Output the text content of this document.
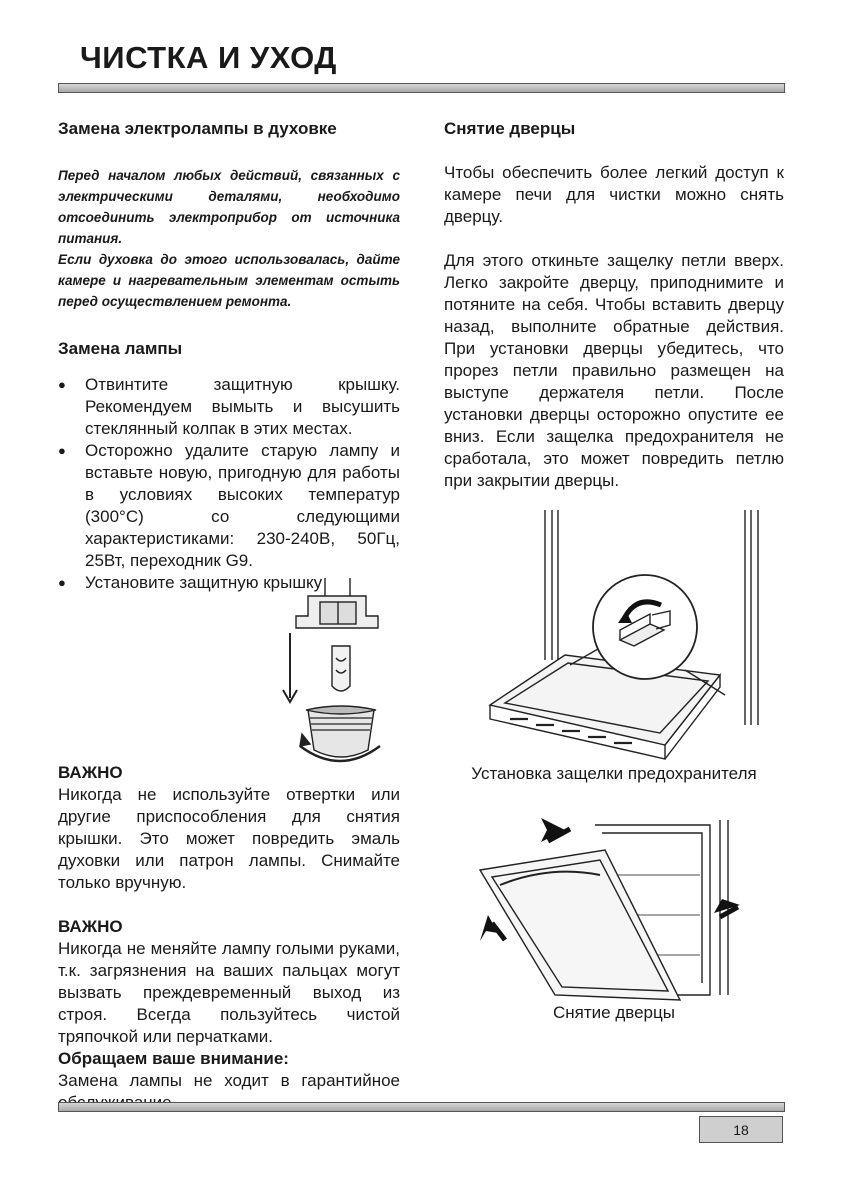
ЧИСТКА И УХОД
Замена электролампы в духовке

Перед началом любых действий, связанных с электрическими деталями, необходимо отсоединить электроприбор от источника питания.

Если духовка до этого использовалась, дайте камере и нагревательным элементам остыть перед осуществлением ремонта.

Замена лампы
● Отвинтите защитную крышку. Рекомендуем вымыть и высушить стеклянный колпак в этих местах.
● Осторожно удалите старую лампу и вставьте новую, пригодную для работы в условиях высоких температур (300°C) со следующими характеристиками: 230-240В, 50Гц, 25Вт, переходник G9.
● Установите защитную крышку
ВАЖНО

Никогда не используйте отвертки или другие приспособления для снятия крышки. Это может повредить эмаль духовки или патрон лампы. Снимайте только вручную.

ВАЖНО

Никогда не меняйте лампу голыми руками, т.к. загрязнения на ваших пальцах могут вызвать преждевременный выход из строя. Всегда пользуйтесь чистой тряпочкой или перчатками.

Обращаем ваше внимание:

Замена лампы не ходит в гарантийное

Снятие дверцы

Чтобы обеспечить более легкий доступ к камере печи для чистки можно снять дверцу.

Для этого откиньте защелку петли вверх. Легко закройте дверцу, приподнимите и потяните на себя. Чтобы вставить дверцу назад, выполните обратные действия. При установки дверцы убедитесь, что прорез петли правильно размещен на выступе держателя петли. После установки дверцы осторожно опустите ее вниз. Если защелка предохранителя не сработала, это может повредить петлю при закрытии дверцы.

Установка защелки предохранителя
Снятие дверцы
18
